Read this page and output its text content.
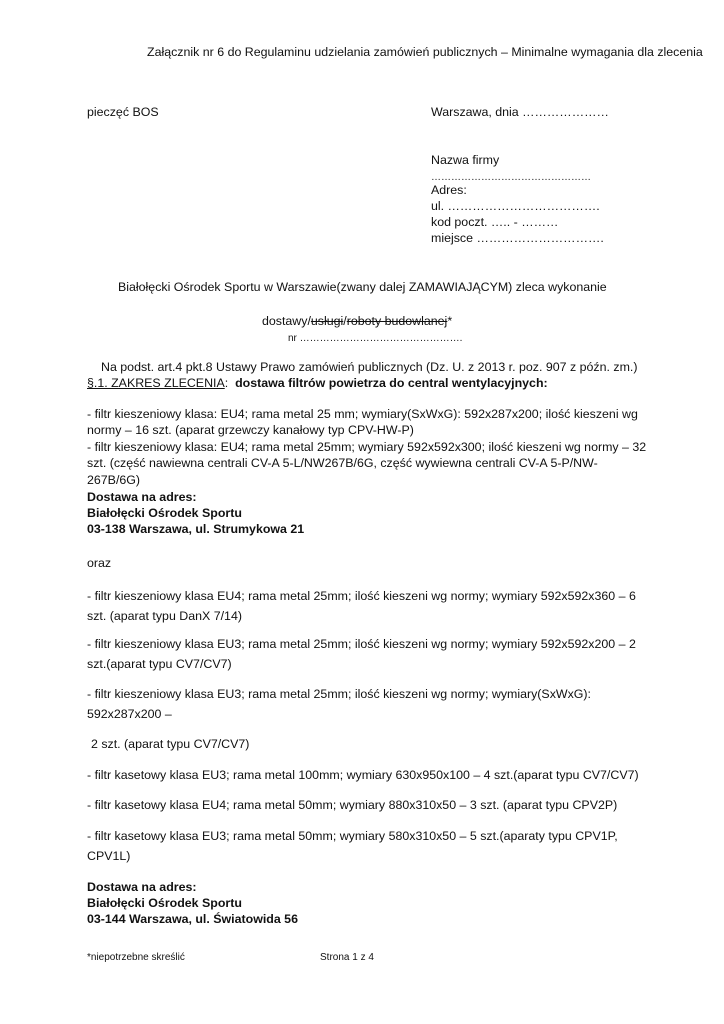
Załącznik nr 6 do Regulaminu udzielania zamówień publicznych – Minimalne wymagania dla zlecenia
pieczęć BOS	Warszawa, dnia …………………
Nazwa firmy
…………………………………………
Adres:
ul. ……………………………….
kod poczt. ….. - ………
miejsce ………………………….
Białołęcki Ośrodek Sportu w Warszawie(zwany dalej ZAMAWIAJĄCYM) zleca wykonanie
dostawy/usługi/roboty budowlanej*
nr ………………………………………….
Na podst. art.4 pkt.8 Ustawy Prawo zamówień publicznych (Dz. U. z 2013 r. poz. 907 z późn. zm.)
§.1. ZAKRES ZLECENIA: dostawa filtrów powietrza do central wentylacyjnych:
- filtr kieszeniowy klasa: EU4; rama metal 25 mm; wymiary(SxWxG): 592x287x200; ilość kieszeni wg normy – 16 szt. (aparat grzewczy kanałowy typ CPV-HW-P)
- filtr kieszeniowy klasa: EU4; rama metal 25mm; wymiary 592x592x300; ilość kieszeni wg normy – 32 szt. (część nawiewna centrali CV-A 5-L/NW267B/6G, część wywiewna centrali CV-A 5-P/NW-267B/6G)
Dostawa na adres:
Białołęcki Ośrodek Sportu
03-138 Warszawa, ul. Strumykowa 21
oraz
- filtr kieszeniowy klasa EU4; rama metal 25mm; ilość kieszeni wg normy; wymiary 592x592x360 – 6 szt. (aparat typu DanX 7/14)
- filtr kieszeniowy klasa EU3; rama metal 25mm; ilość kieszeni wg normy; wymiary 592x592x200 – 2 szt.(aparat typu CV7/CV7)
- filtr kieszeniowy klasa EU3; rama metal 25mm; ilość kieszeni wg normy; wymiary(SxWxG): 592x287x200 –
2 szt. (aparat typu CV7/CV7)
- filtr kasetowy klasa EU3; rama metal 100mm; wymiary 630x950x100 – 4 szt.(aparat typu CV7/CV7)
- filtr kasetowy klasa EU4; rama metal 50mm; wymiary 880x310x50 – 3 szt. (aparat typu CPV2P)
- filtr kasetowy klasa EU3; rama metal 50mm; wymiary 580x310x50 – 5 szt.(aparaty typu CPV1P, CPV1L)
Dostawa na adres:
Białołęcki Ośrodek Sportu
03-144 Warszawa, ul. Światowida 56
*niepotrzebne skreślić	Strona 1 z 4
